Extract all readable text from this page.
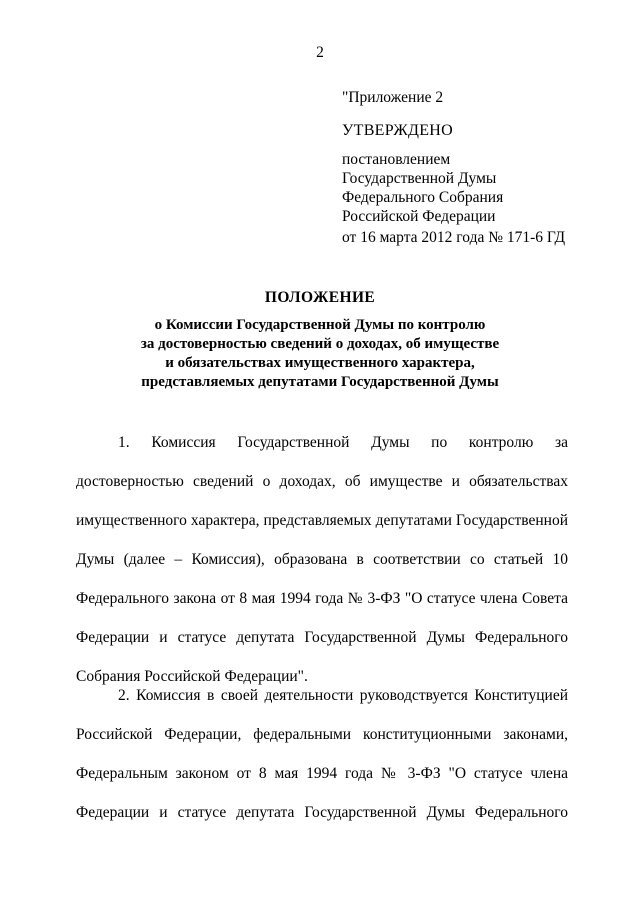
2
"Приложение 2
УТВЕРЖДЕНО
постановлением
Государственной Думы
Федерального Собрания
Российской Федерации
от 16 марта 2012 года № 171-6 ГД
ПОЛОЖЕНИЕ
о Комиссии Государственной Думы по контролю
за достоверностью сведений о доходах, об имуществе
и обязательствах имущественного характера,
представляемых депутатами Государственной Думы
1. Комиссия Государственной Думы по контролю за
достоверностью сведений о доходах, об имуществе и обязательствах
имущественного характера, представляемых депутатами Государственной
Думы (далее – Комиссия), образована в соответствии со статьей 10
Федерального закона от 8 мая 1994 года № 3-ФЗ "О статусе члена Совета
Федерации и статусе депутата Государственной Думы Федерального
Собрания Российской Федерации".
2. Комиссия в своей деятельности руководствуется Конституцией
Российской Федерации, федеральными конституционными законами,
Федеральным законом от 8 мая 1994 года № 3-ФЗ "О статусе члена
Федерации и статусе депутата Государственной Думы Федерального
